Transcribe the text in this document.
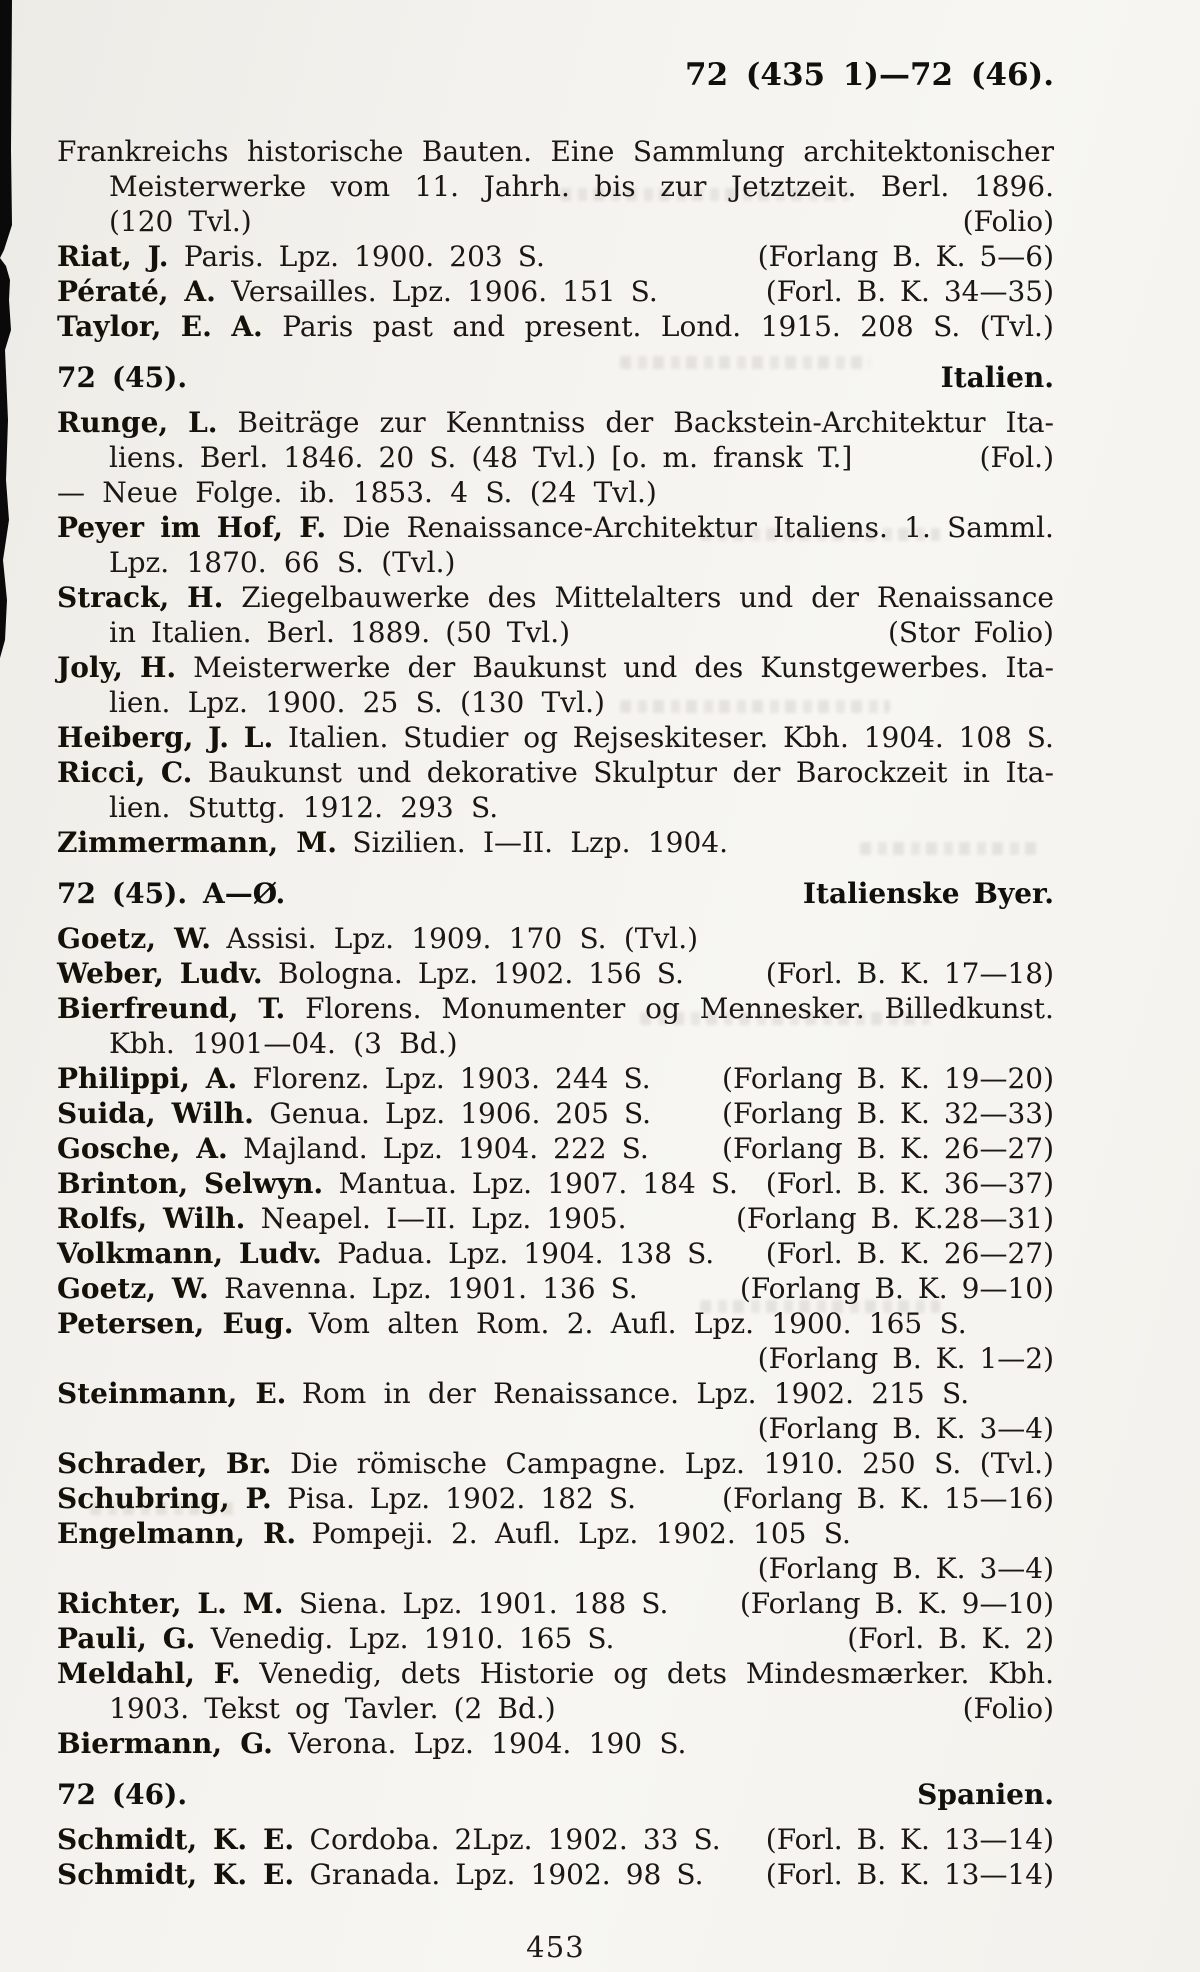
72 (435 1)—72 (46).
Frankreichs historische Bauten. Eine Sammlung architektonischer
Meisterwerke vom 11. Jahrh. bis zur Jetztzeit. Berl. 1896.
(120 Tvl.)	(Folio)
Riat, J. Paris. Lpz. 1900. 203 S.	(Forlang B. K. 5—6)
Pératé, A. Versailles. Lpz. 1906. 151 S.	(Forl. B. K. 34—35)
Taylor, E. A. Paris past and present. Lond. 1915. 208 S. (Tvl.)
72 (45).	Italien.
Runge, L. Beiträge zur Kenntniss der Backstein-Architektur Ita-
liens. Berl. 1846. 20 S. (48 Tvl.) [o. m. fransk T.]	(Fol.)
— Neue Folge. ib. 1853. 4 S. (24 Tvl.)
Peyer im Hof, F. Die Renaissance-Architektur Italiens. 1. Samml.
Lpz. 1870. 66 S. (Tvl.)
Strack, H. Ziegelbauwerke des Mittelalters und der Renaissance
in Italien. Berl. 1889. (50 Tvl.)	(Stor Folio)
Joly, H. Meisterwerke der Baukunst und des Kunstgewerbes. Ita-
lien. Lpz. 1900. 25 S. (130 Tvl.)
Heiberg, J. L. Italien. Studier og Rejseskiteser. Kbh. 1904. 108 S.
Ricci, C. Baukunst und dekorative Skulptur der Barockzeit in Ita-
lien. Stuttg. 1912. 293 S.
Zimmermann, M. Sizilien. I—II. Lzp. 1904.
72 (45). A—Ø.	Italienske Byer.
Goetz, W. Assisi. Lpz. 1909. 170 S. (Tvl.)
Weber, Ludv. Bologna. Lpz. 1902. 156 S.	(Forl. B. K. 17—18)
Bierfreund, T. Florens. Monumenter og Mennesker. Billedkunst.
Kbh. 1901—04. (3 Bd.)
Philippi, A. Florenz. Lpz. 1903. 244 S.	(Forlang B. K. 19—20)
Suida, Wilh. Genua. Lpz. 1906. 205 S.	(Forlang B. K. 32—33)
Gosche, A. Majland. Lpz. 1904. 222 S.	(Forlang B. K. 26—27)
Brinton, Selwyn. Mantua. Lpz. 1907. 184 S. (Forl. B. K. 36—37)
Rolfs, Wilh. Neapel. I—II. Lpz. 1905.	(Forlang B. K.28—31)
Volkmann, Ludv. Padua. Lpz. 1904. 138 S. (Forl. B. K. 26—27)
Goetz, W. Ravenna. Lpz. 1901. 136 S.	(Forlang B. K. 9—10)
Petersen, Eug. Vom alten Rom. 2. Aufl. Lpz. 1900. 165 S.
(Forlang B. K. 1—2)
Steinmann, E. Rom in der Renaissance. Lpz. 1902. 215 S.
(Forlang B. K. 3—4)
Schrader, Br. Die römische Campagne. Lpz. 1910. 250 S. (Tvl.)
Schubring, P. Pisa. Lpz. 1902. 182 S.	(Forlang B. K. 15—16)
Engelmann, R. Pompeji. 2. Aufl. Lpz. 1902. 105 S.
(Forlang B. K. 3—4)
Richter, L. M. Siena. Lpz. 1901. 188 S.	(Forlang B. K. 9—10)
Pauli, G. Venedig. Lpz. 1910. 165 S.	(Forl. B. K. 2)
Meldahl, F. Venedig, dets Historie og dets Mindesmærker. Kbh.
1903. Tekst og Tavler. (2 Bd.)	(Folio)
Biermann, G. Verona. Lpz. 1904. 190 S.
72 (46).	Spanien.
Schmidt, K. E. Cordoba. 2Lpz. 1902. 33 S. (Forl. B. K. 13—14)
Schmidt, K. E. Granada. Lpz. 1902. 98 S. (Forl. B. K. 13—14)
453
